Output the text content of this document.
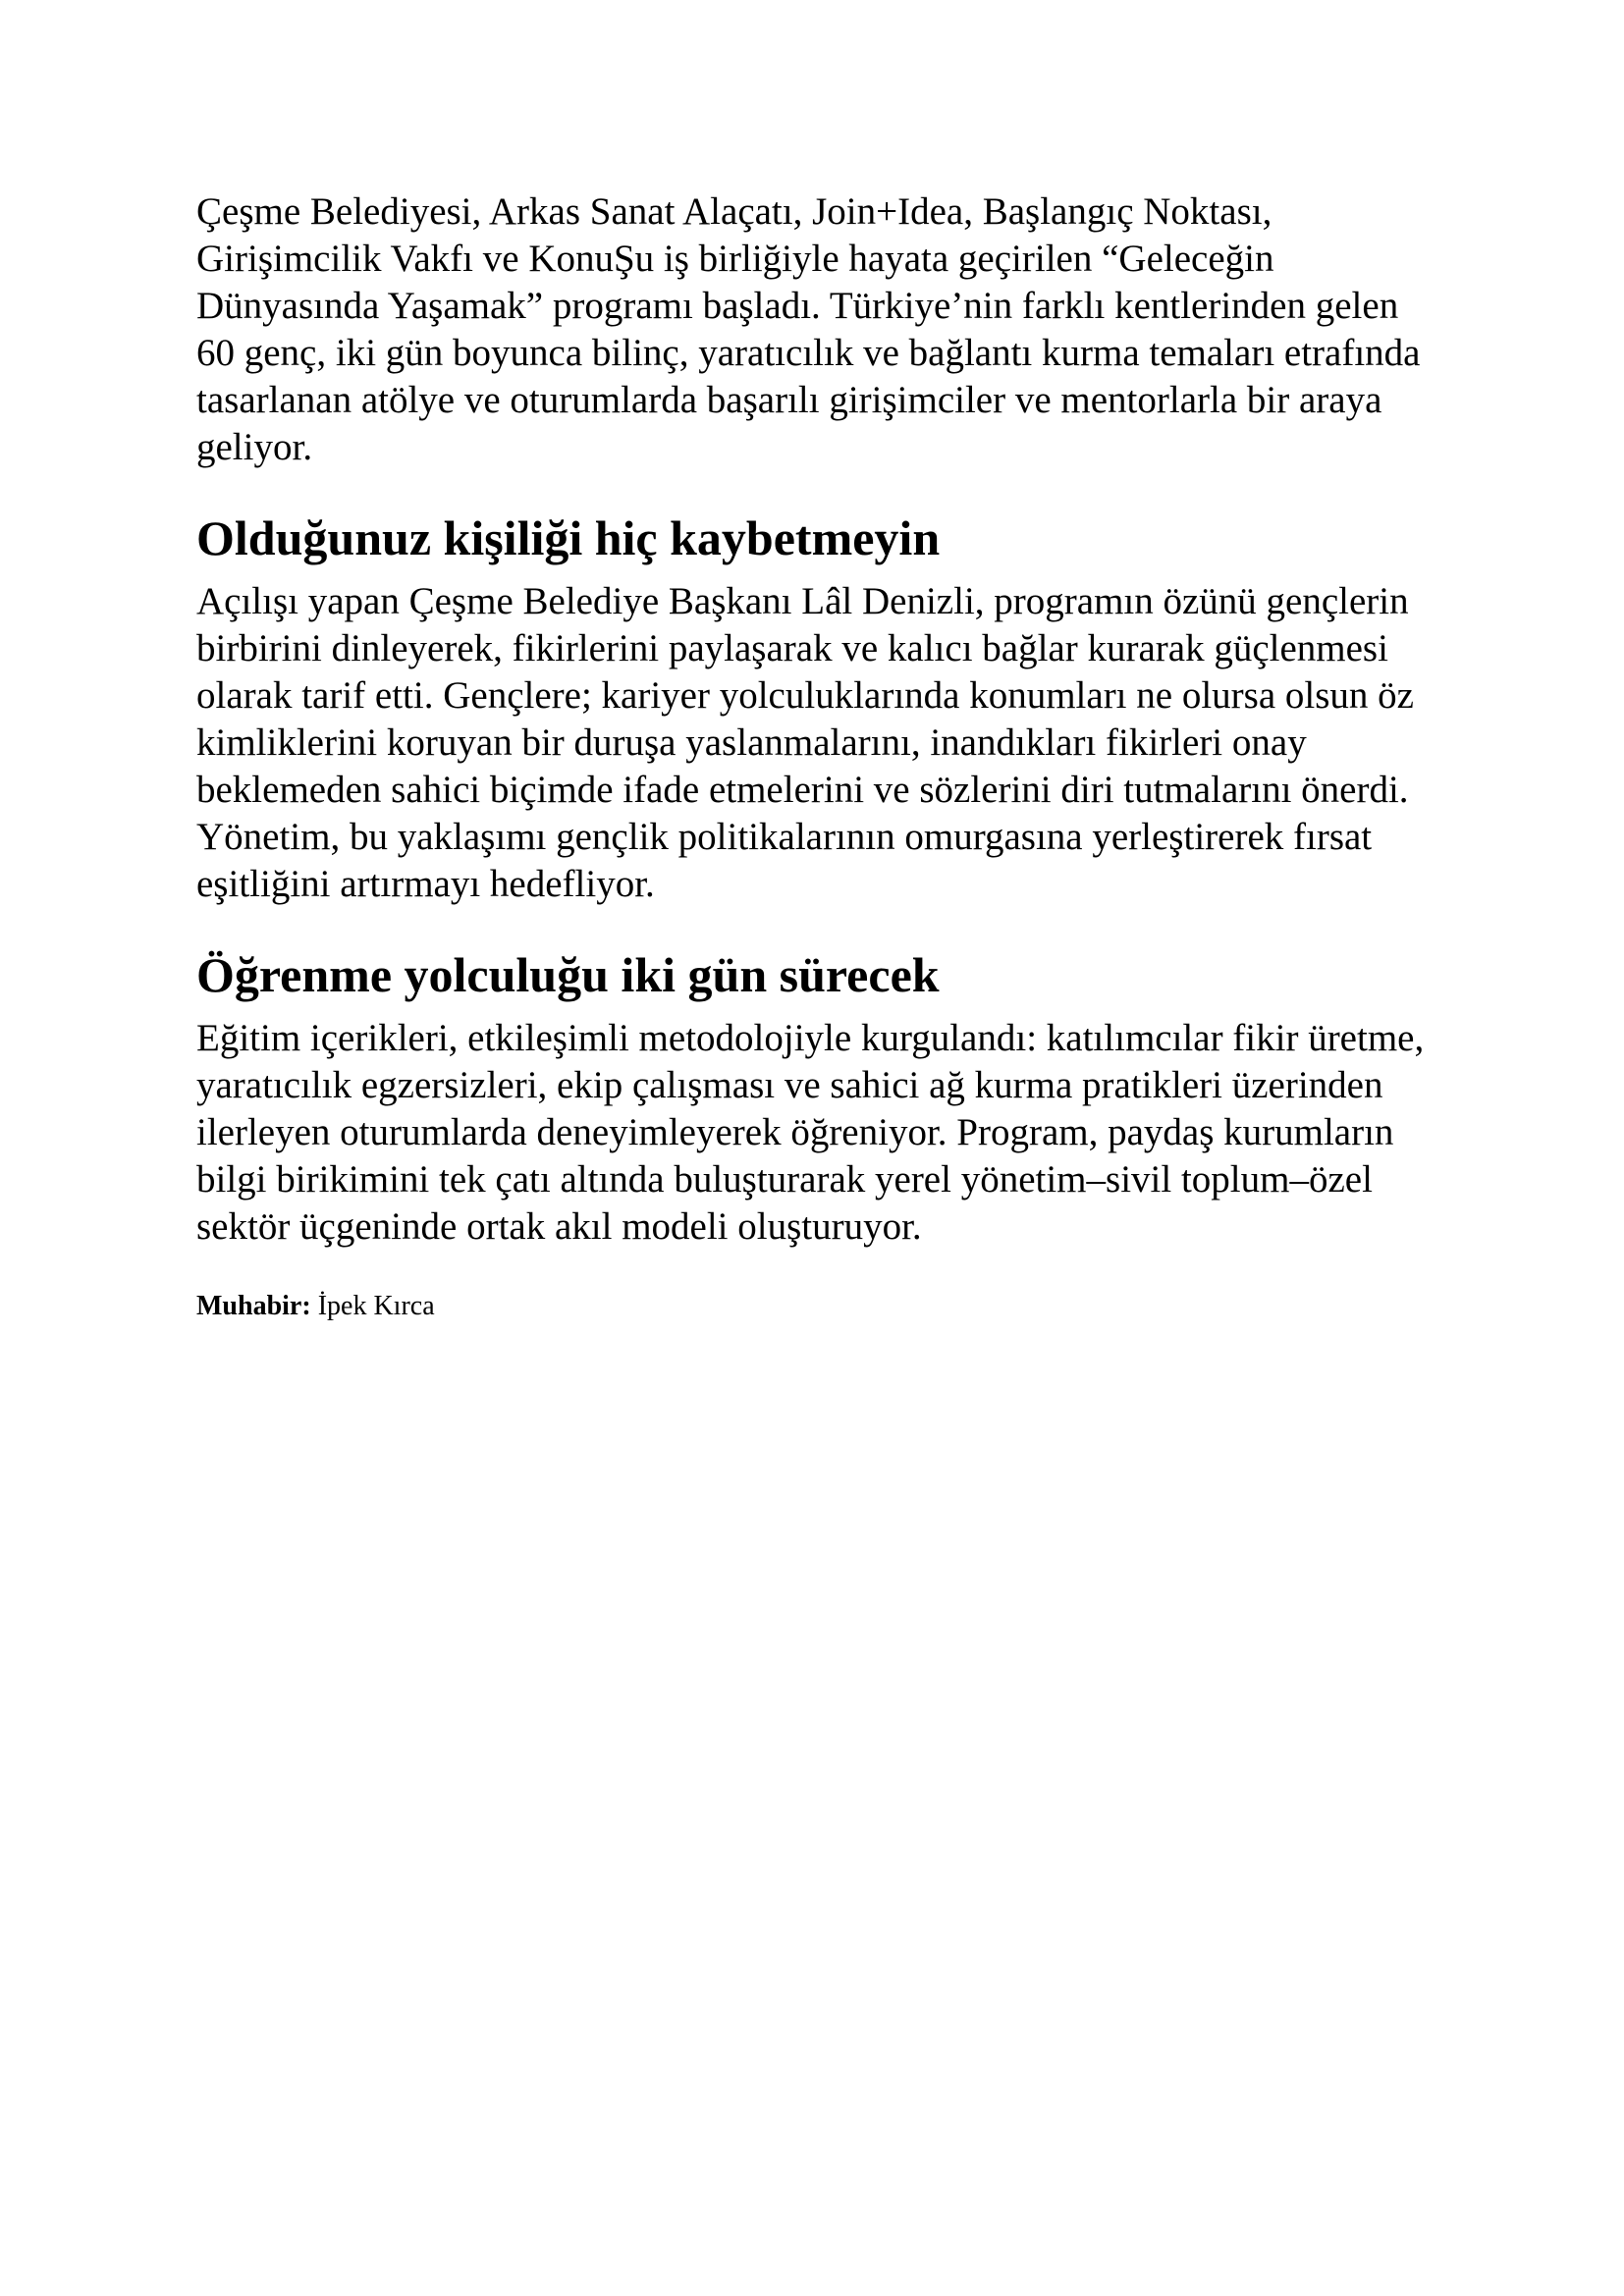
Çeşme Belediyesi, Arkas Sanat Alaçatı, Join+Idea, Başlangıç Noktası, Girişimcilik Vakfı ve KonuŞu iş birliğiyle hayata geçirilen “Geleceğin Dünyasında Yaşamak” programı başladı. Türkiye’nin farklı kentlerinden gelen 60 genç, iki gün boyunca bilinç, yaratıcılık ve bağlantı kurma temaları etrafında tasarlanan atölye ve oturumlarda başarılı girişimciler ve mentorlarla bir araya geliyor.

Olduğunuz kişiliği hiç kaybetmeyin

Açılışı yapan Çeşme Belediye Başkanı Lâl Denizli, programın özünü gençlerin birbirini dinleyerek, fikirlerini paylaşarak ve kalıcı bağlar kurarak güçlenmesi olarak tarif etti. Gençlere; kariyer yolculuklarında konumları ne olursa olsun öz kimliklerini koruyan bir duruşa yaslanmalarını, inandıkları fikirleri onay beklemeden sahici biçimde ifade etmelerini ve sözlerini diri tutmalarını önerdi. Yönetim, bu yaklaşımı gençlik politikalarının omurgasına yerleştirerek fırsat eşitliğini artırmayı hedefliyor.

Öğrenme yolculuğu iki gün sürecek

Eğitim içerikleri, etkileşimli metodolojiyle kurgulandı: katılımcılar fikir üretme, yaratıcılık egzersizleri, ekip çalışması ve sahici ağ kurma pratikleri üzerinden ilerleyen oturumlarda deneyimleyerek öğreniyor. Program, paydaş kurumların bilgi birikimini tek çatı altında buluşturarak yerel yönetim–sivil toplum–özel sektör üçgeninde ortak akıl modeli oluşturuyor.

Muhabir: İpek Kırca
